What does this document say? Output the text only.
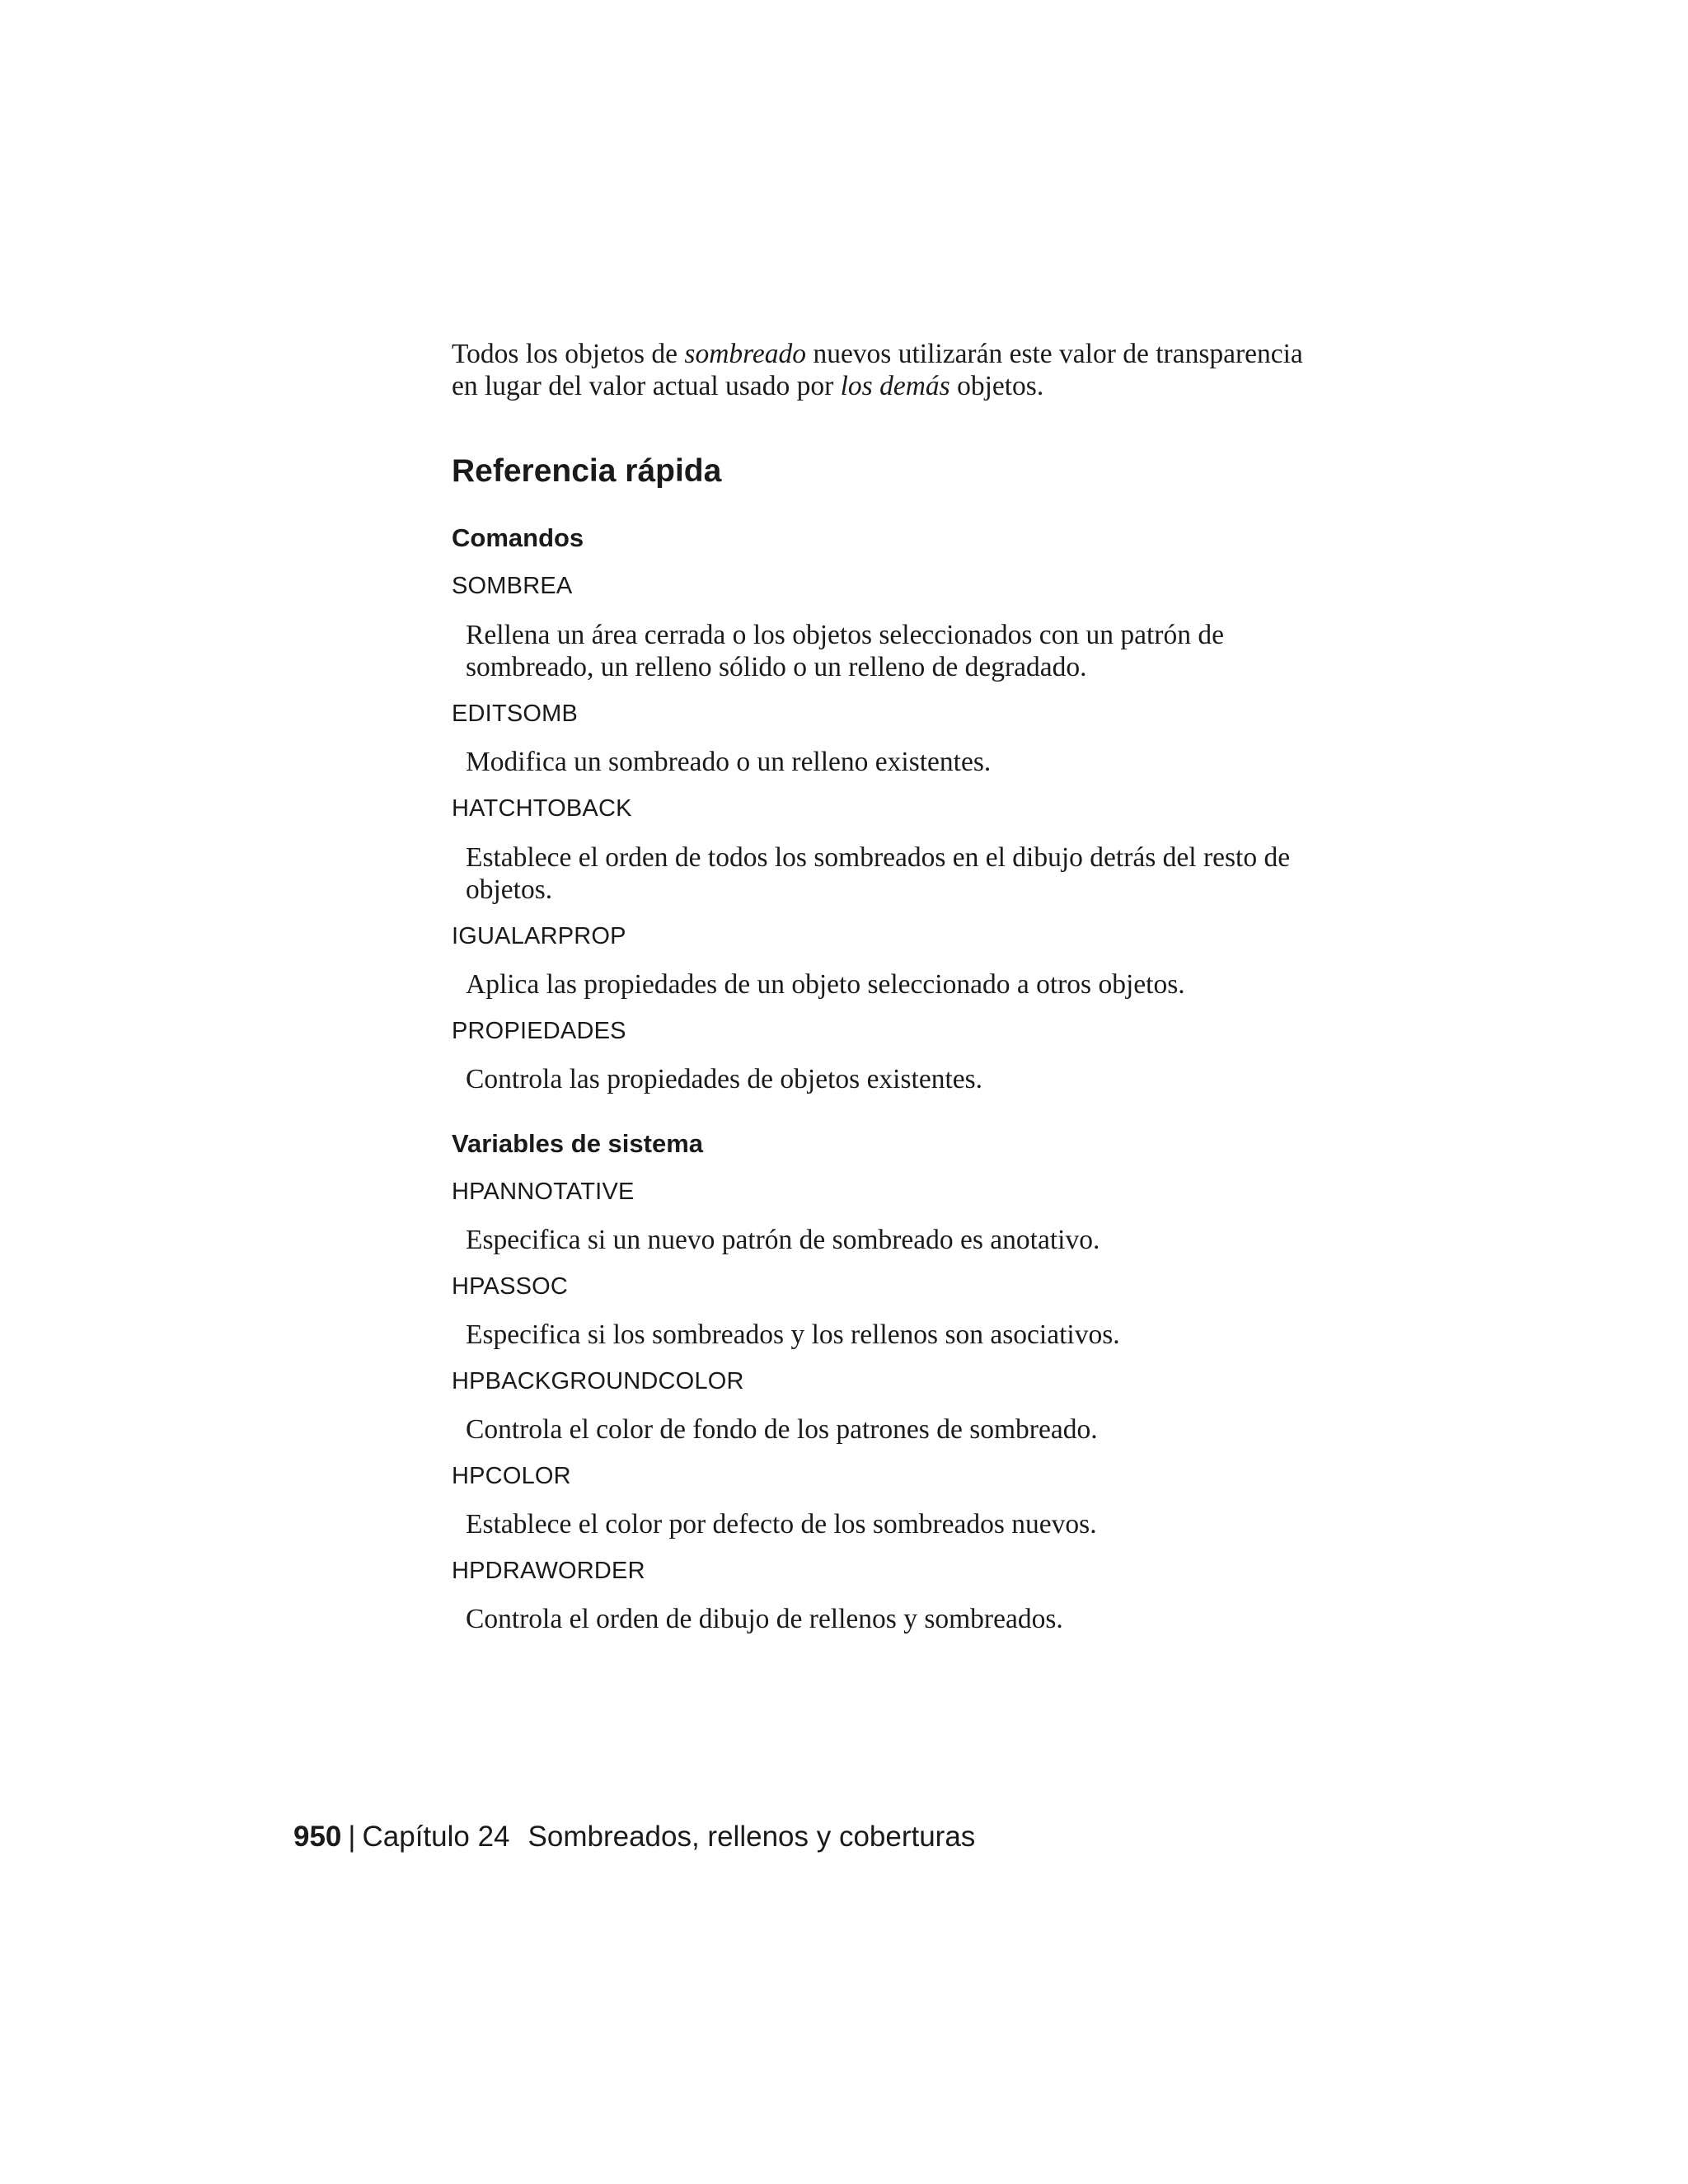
Todos los objetos de sombreado nuevos utilizarán este valor de transparencia en lugar del valor actual usado por los demás objetos.

Referencia rápida
Comandos
SOMBREA
Rellena un área cerrada o los objetos seleccionados con un patrón de sombreado, un relleno sólido o un relleno de degradado.
EDITSOMB
Modifica un sombreado o un relleno existentes.
HATCHTOBACK
Establece el orden de todos los sombreados en el dibujo detrás del resto de objetos.
IGUALARPROP
Aplica las propiedades de un objeto seleccionado a otros objetos.
PROPIEDADES
Controla las propiedades de objetos existentes.
Variables de sistema
HPANNOTATIVE
Especifica si un nuevo patrón de sombreado es anotativo.
HPASSOC
Especifica si los sombreados y los rellenos son asociativos.
HPBACKGROUNDCOLOR
Controla el color de fondo de los patrones de sombreado.
HPCOLOR
Establece el color por defecto de los sombreados nuevos.
HPDRAWORDER
Controla el orden de dibujo de rellenos y sombreados.
950 | Capítulo 24 Sombreados, rellenos y coberturas
